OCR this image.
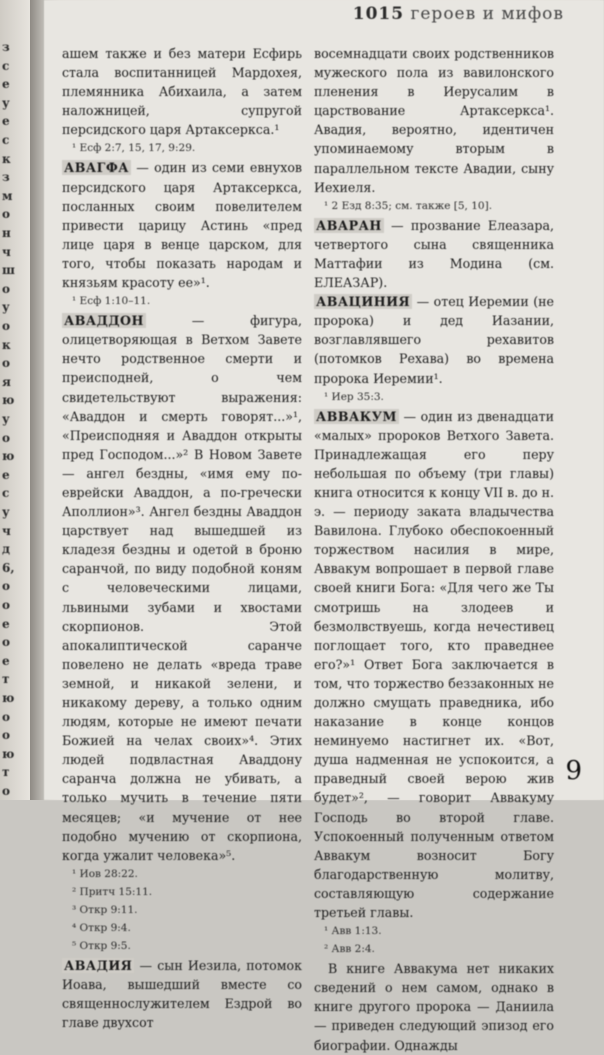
з
с
е
у
е
с
к
з
м
о
н
ч
ш
о
у
о
к
о
я
ю
у
о
ю
е
с
у
ч
д
6,
о
о
е
о
е
т
ю
о
о
ю
т
о
1015 героев и мифов

ашем также и без матери Есфирь стала воспитанницей Мардохея, племянника Абихаила, а затем наложницей, супругой персидского царя Артаксеркса.¹

¹ Есф 2:7, 15, 17, 9:29.

АВАГФА — один из семи евнухов персидского царя Артаксеркса, посланных своим повелителем привести царицу Астинь «пред лице царя в венце царском, для того, чтобы показать народам и князьям красоту ее»¹.

¹ Есф 1:10–11.

АВАДДОН — фигура, олицетворяющая в Ветхом Завете нечто родственное смерти и преисподней, о чем свидетельствуют выражения: «Аваддон и смерть говорят...»¹, «Преисподняя и Аваддон открыты пред Господом...»² В Новом Завете — ангел бездны, «имя ему по-еврейски Аваддон, а по-гречески Аполлион»³. Ангел бездны Аваддон царствует над вышедшей из кладезя бездны и одетой в броню саранчой, по виду подобной коням с человеческими лицами, львиными зубами и хвостами скорпионов. Этой апокалиптической саранче повелено не делать «вреда траве земной, и никакой зелени, и никакому дереву, а только одним людям, которые не имеют печати Божией на челах своих»⁴. Этих людей подвластная Аваддону саранча должна не убивать, а только мучить в течение пяти месяцев; «и мучение от нее подобно мучению от скорпиона, когда ужалит человека»⁵.

¹ Иов 28:22.

² Притч 15:11.

³ Откр 9:11.

⁴ Откр 9:4.

⁵ Откр 9:5.

АВАДИЯ — сын Иезила, потомок Иоава, вышедший вместе со священнослужителем Ездрой во главе двухсот

восемнадцати своих родственников мужеского пола из вавилонского пленения в Иерусалим в царствование Артаксеркса¹. Авадия, вероятно, идентичен упоминаемому вторым в параллельном тексте Авадии, сыну Иехиеля.

¹ 2 Езд 8:35; см. также [5, 10].

АВАРАН — прозвание Елеазара, четвертого сына священника Маттафии из Модина (см. ЕЛЕАЗАР).

АВАЦИНИЯ — отец Иеремии (не пророка) и дед Иазании, возглавлявшего рехавитов (потомков Рехава) во времена пророка Иеремии¹.

¹ Иер 35:3.

АВВАКУМ — один из двенадцати «малых» пророков Ветхого Завета. Принадлежащая его перу небольшая по объему (три главы) книга относится к концу VII в. до н. э. — периоду заката владычества Вавилона. Глубоко обеспокоенный торжеством насилия в мире, Аввакум вопрошает в первой главе своей книги Бога: «Для чего же Ты смотришь на злодеев и безмолвствуешь, когда нечестивец поглощает того, кто праведнее его?»¹ Ответ Бога заключается в том, что торжество беззаконных не должно смущать праведника, ибо наказание в конце концов неминуемо настигнет их. «Вот, душа надменная не успокоится, а праведный своей верою жив будет»², — говорит Аввакуму Господь во второй главе. Успокоенный полученным ответом Аввакум возносит Богу благодарственную молитву, составляющую содержание третьей главы.

¹ Авв 1:13.

² Авв 2:4.

В книге Аввакума нет никаких сведений о нем самом, однако в книге другого пророка — Даниила — приведен следующий эпизод его биографии. Однажды

9
